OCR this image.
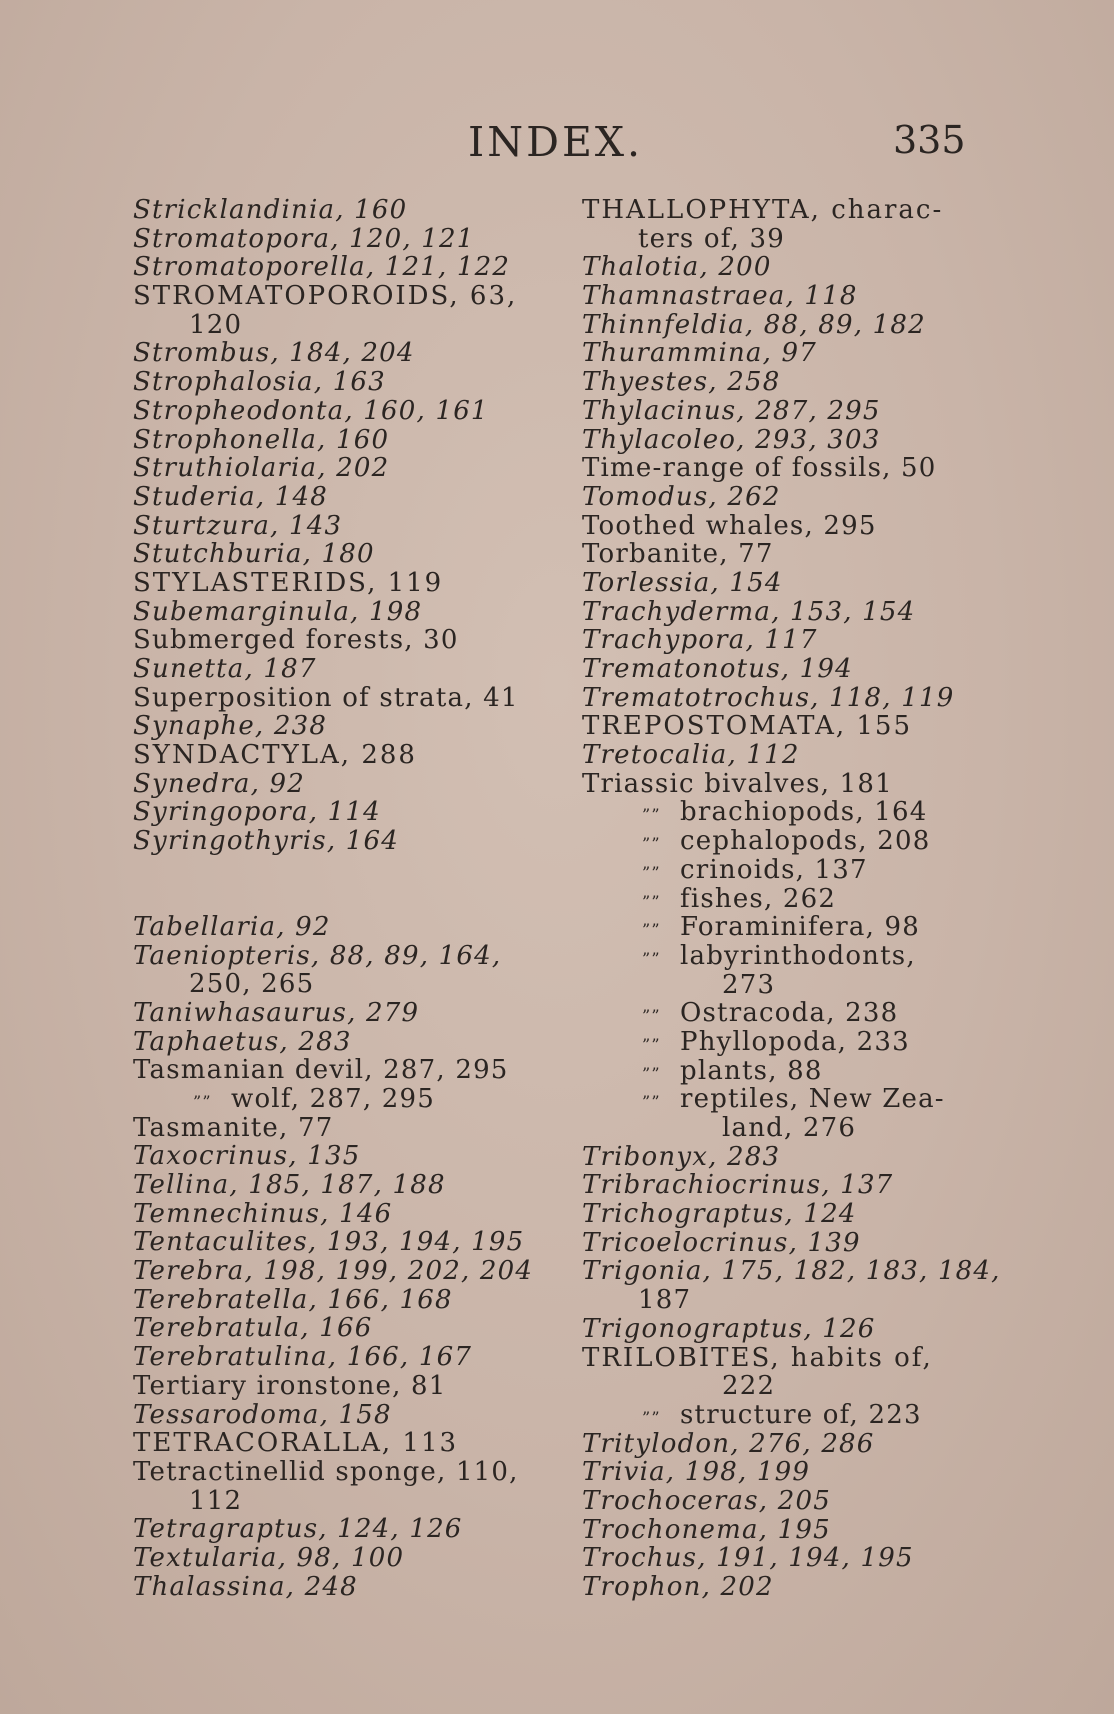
INDEX.	335
Stricklandinia, 160
Stromatopora, 120, 121
Stromatoporella, 121, 122
STROMATOPOROIDS, 63,
120
Strombus, 184, 204
Strophalosia, 163
Stropheodonta, 160, 161
Strophonella, 160
Struthiolaria, 202
Studeria, 148
Sturtzura, 143
Stutchburia, 180
STYLASTERIDS, 119
Subemarginula, 198
Submerged forests, 30
Sunetta, 187
Superposition of strata, 41
Synaphe, 238
SYNDACTYLA, 288
Synedra, 92
Syringopora, 114
Syringothyris, 164
Tabellaria, 92
Taeniopteris, 88, 89, 164,
250, 265
Taniwhasaurus, 279
Taphaetus, 283
Tasmanian devil, 287, 295
”” wolf, 287, 295
Tasmanite, 77
Taxocrinus, 135
Tellina, 185, 187, 188
Temnechinus, 146
Tentaculites, 193, 194, 195
Terebra, 198, 199, 202, 204
Terebratella, 166, 168
Terebratula, 166
Terebratulina, 166, 167
Tertiary ironstone, 81
Tessarodoma, 158
TETRACORALLA, 113
Tetractinellid sponge, 110,
112
Tetragraptus, 124, 126
Textularia, 98, 100
Thalassina, 248
THALLOPHYTA, charac-
ters of, 39
Thalotia, 200
Thamnastraea, 118
Thinnfeldia, 88, 89, 182
Thurammina, 97
Thyestes, 258
Thylacinus, 287, 295
Thylacoleo, 293, 303
Time-range of fossils, 50
Tomodus, 262
Toothed whales, 295
Torbanite, 77
Torlessia, 154
Trachyderma, 153, 154
Trachypora, 117
Trematonotus, 194
Trematotrochus, 118, 119
TREPOSTOMATA, 155
Tretocalia, 112
Triassic bivalves, 181
”” brachiopods, 164
”” cephalopods, 208
”” crinoids, 137
”” fishes, 262
”” Foraminifera, 98
”” labyrinthodonts,
273
”” Ostracoda, 238
”” Phyllopoda, 233
”” plants, 88
”” reptiles, New Zea-
land, 276
Tribonyx, 283
Tribrachiocrinus, 137
Trichograptus, 124
Tricoelocrinus, 139
Trigonia, 175, 182, 183, 184,
187
Trigonograptus, 126
TRILOBITES, habits of,
222
”” structure of, 223
Tritylodon, 276, 286
Trivia, 198, 199
Trochoceras, 205
Trochonema, 195
Trochus, 191, 194, 195
Trophon, 202
